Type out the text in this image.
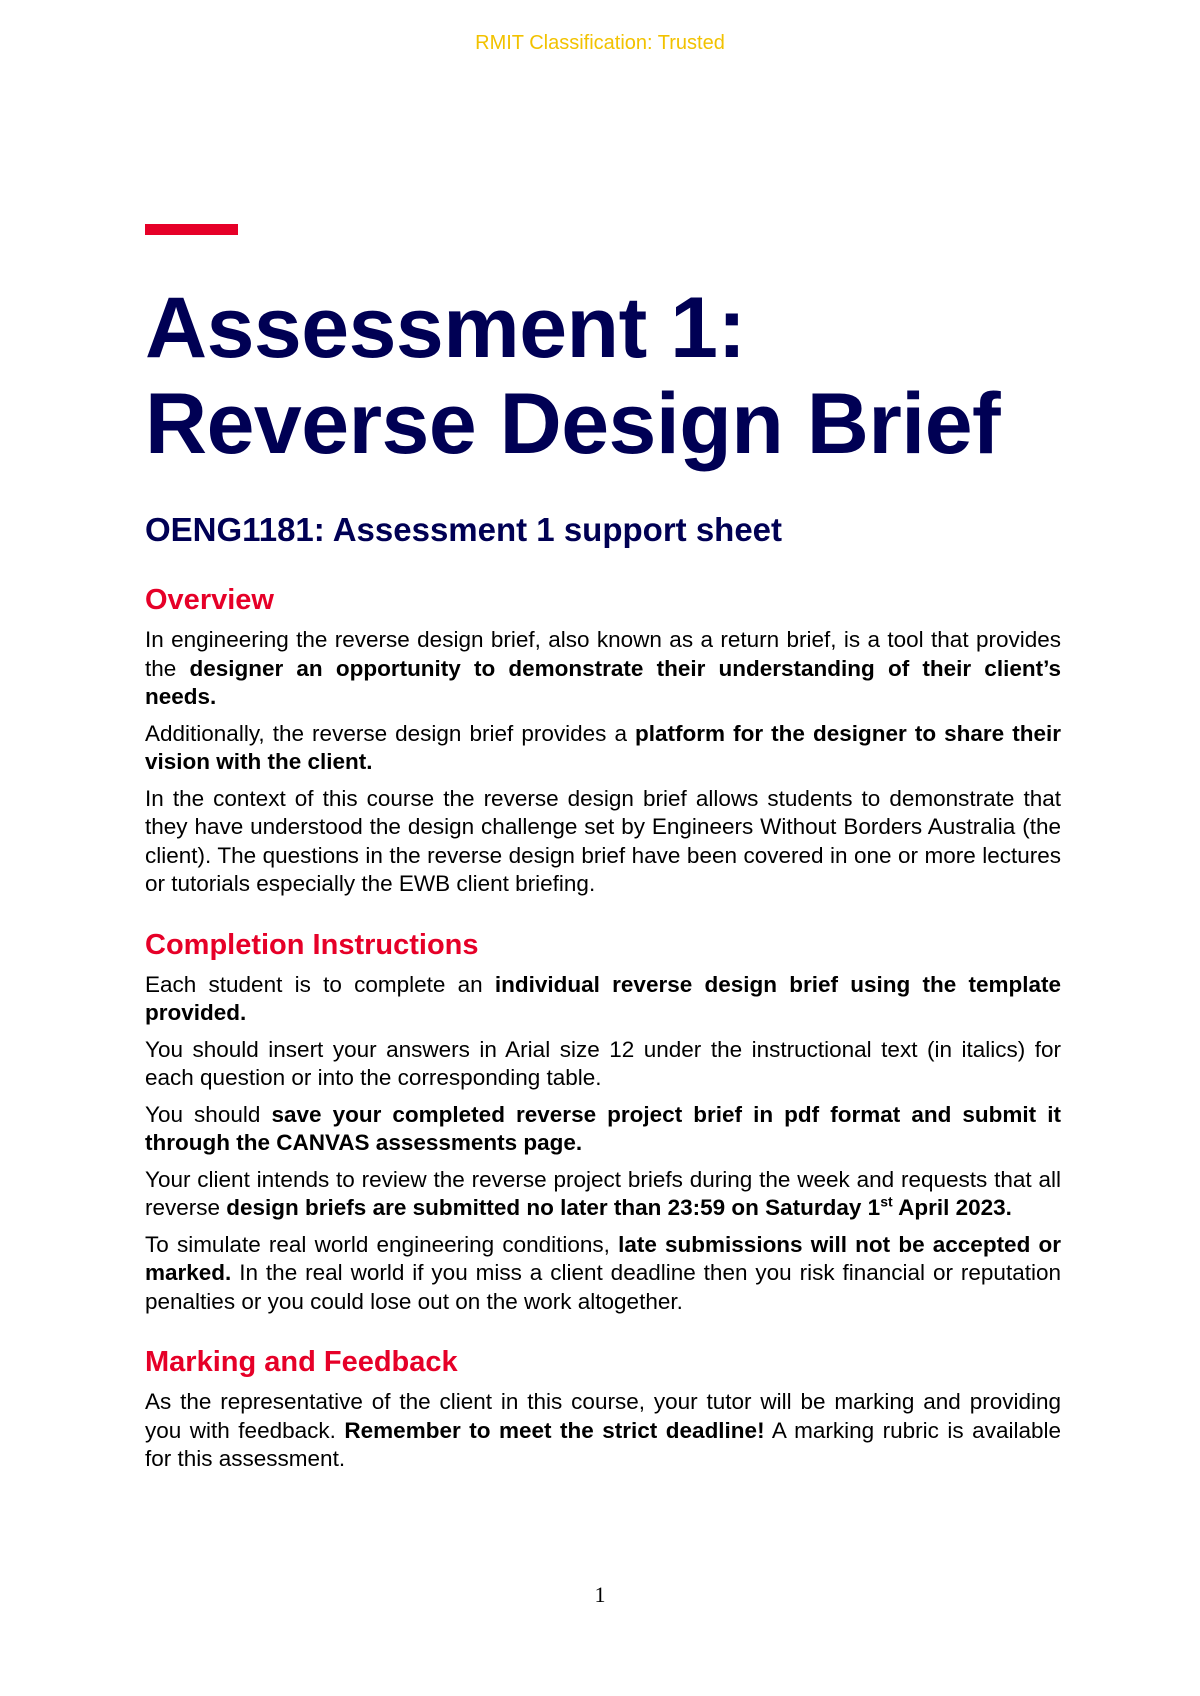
RMIT Classification: Trusted
Assessment 1:
Reverse Design Brief
OENG1181: Assessment 1 support sheet
Overview

In engineering the reverse design brief, also known as a return brief, is a tool that provides the designer an opportunity to demonstrate their understanding of their client’s needs.

Additionally, the reverse design brief provides a platform for the designer to share their vision with the client.

In the context of this course the reverse design brief allows students to demonstrate that they have understood the design challenge set by Engineers Without Borders Australia (the client). The questions in the reverse design brief have been covered in one or more lectures or tutorials especially the EWB client briefing.

Completion Instructions

Each student is to complete an individual reverse design brief using the template provided.

You should insert your answers in Arial size 12 under the instructional text (in italics) for each question or into the corresponding table.

You should save your completed reverse project brief in pdf format and submit it through the CANVAS assessments page.

Your client intends to review the reverse project briefs during the week and requests that all reverse design briefs are submitted no later than 23:59 on Saturday 1st April 2023.

To simulate real world engineering conditions, late submissions will not be accepted or marked. In the real world if you miss a client deadline then you risk financial or reputation penalties or you could lose out on the work altogether.

Marking and Feedback

As the representative of the client in this course, your tutor will be marking and providing you with feedback. Remember to meet the strict deadline! A marking rubric is available for this assessment.

1
